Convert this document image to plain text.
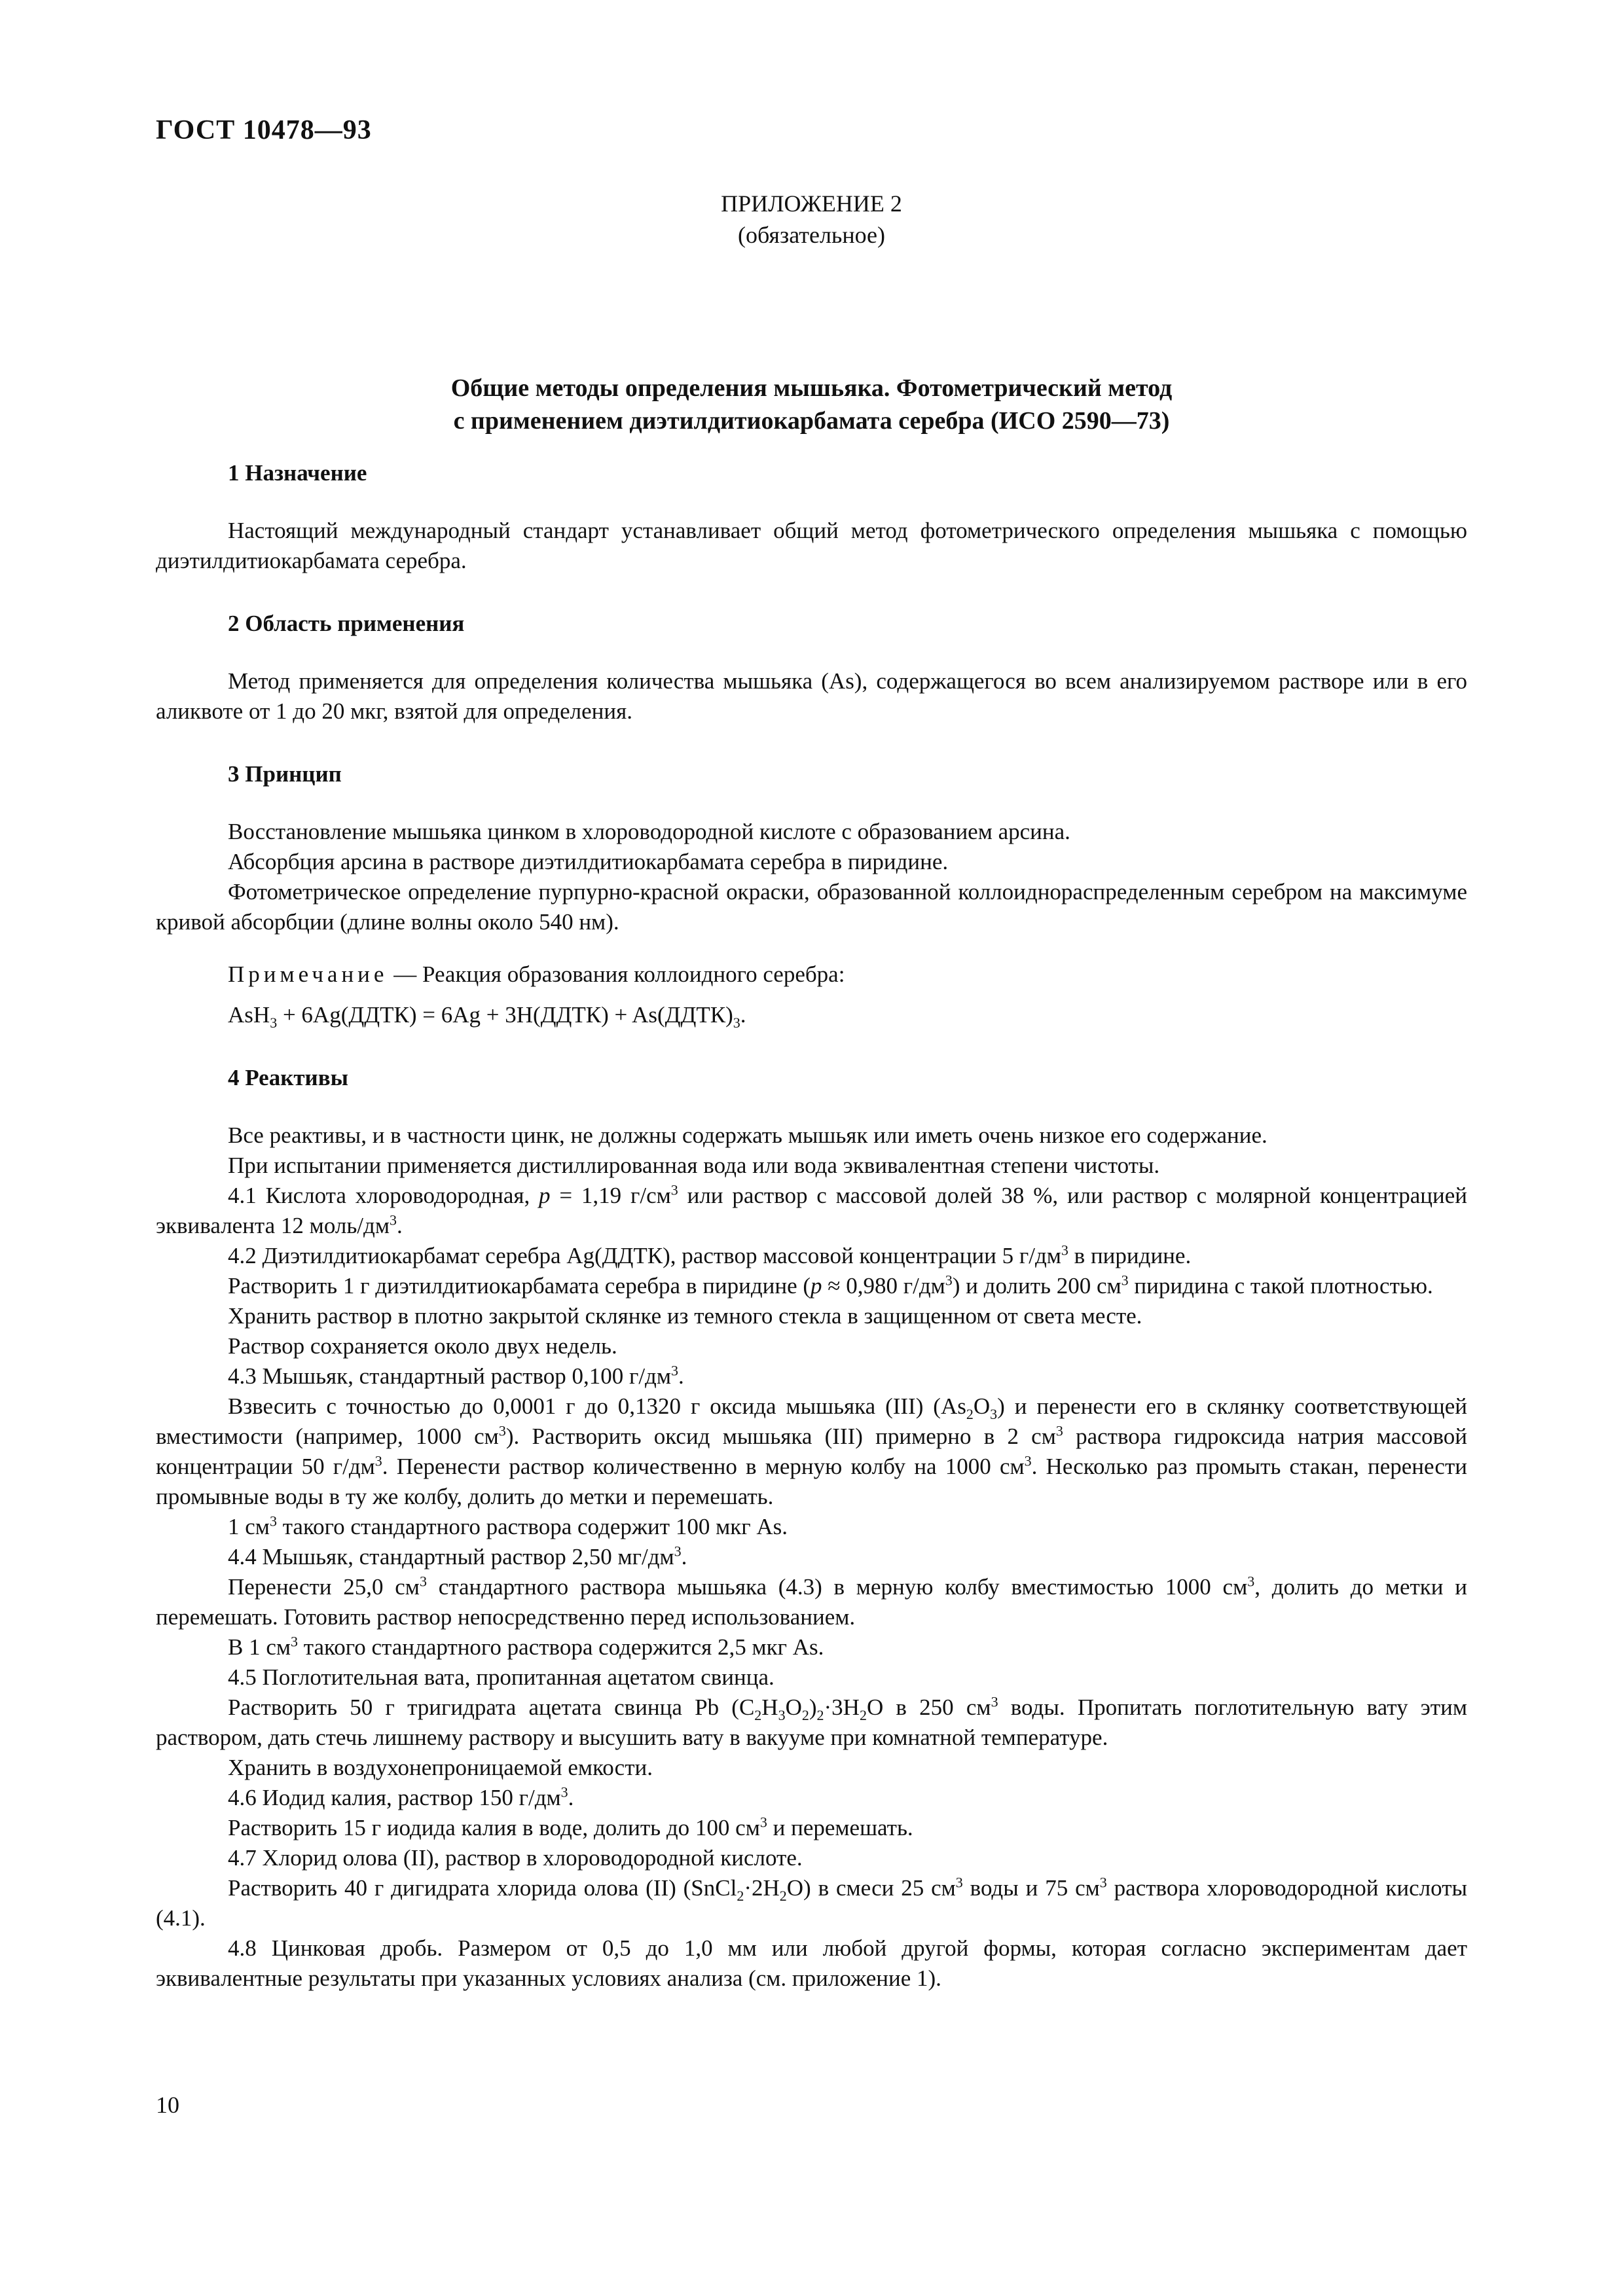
ГОСТ 10478—93
ПРИЛОЖЕНИЕ 2
(обязательное)
Общие методы определения мышьяка. Фотометрический метод
с применением диэтилдитиокарбамата серебра (ИСО 2590—73)

1 Назначение

Настоящий международный стандарт устанавливает общий метод фотометрического определения мышьяка с помощью диэтилдитиокарбамата серебра.

2 Область применения

Метод применяется для определения количества мышьяка (As), содержащегося во всем анализируемом растворе или в его аликвоте от 1 до 20 мкг, взятой для определения.

3 Принцип

Восстановление мышьяка цинком в хлороводородной кислоте с образованием арсина.

Абсорбция арсина в растворе диэтилдитиокарбамата серебра в пиридине.

Фотометрическое определение пурпурно-красной окраски, образованной коллоиднораспределенным серебром на максимуме кривой абсорбции (длине волны около 540 нм).

Примечание — Реакция образования коллоидного серебра:

AsH$_3$ + 6Ag(ДДТК) = 6Ag + 3H(ДДТК) + $As(ДДТК)_3$.

4 Реактивы

Все реактивы, и в частности цинк, не должны содержать мышьяк или иметь очень низкое его содержание.

При испытании применяется дистиллированная вода или вода эквивалентная степени чистоты.

4.1 Кислота хлороводородная, p = 1,19 $г/см^3$ или раствор с массовой долей 38 %, или раствор с молярной концентрацией эквивалента 12 моль/$дм^3$.

4.2 Диэтилдитиокарбамат серебра Ag(ДДТК), раствор массовой концентрации 5 $г/дм^3$ в пиридине.

Растворить 1 г диэтилдитиокарбамата серебра в пиридине (p ≈ 0,980 $г/дм^3$) и долить 200 $см^3$ пиридина с такой плотностью.

Хранить раствор в плотно закрытой склянке из темного стекла в защищенном от света месте.

Раствор сохраняется около двух недель.

4.3 Мышьяк, стандартный раствор 0,100 $г/дм^3$.

Взвесить с точностью до 0,0001 г до 0,1320 г оксида мышьяка (III) $(As_2O_3)$ и перенести его в склянку соответствующей вместимости (например, 1000 $см^3$). Растворить оксид мышьяка (III) примерно в 2 $см^3$ раствора гидроксида натрия массовой концентрации 50 $г/дм^3$. Перенести раствор количественно в мерную колбу на 1000 $см^3$. Несколько раз промыть стакан, перенести промывные воды в ту же колбу, долить до метки и перемешать.

1 $см^3$ такого стандартного раствора содержит 100 мкг As.

4.4 Мышьяк, стандартный раствор 2,50 $мг/дм^3$.

Перенести 25,0 $см^3$ стандартного раствора мышьяка (4.3) в мерную колбу вместимостью 1000 $см^3$, долить до метки и перемешать. Готовить раствор непосредственно перед использованием.

В 1 $см^3$ такого стандартного раствора содержится 2,5 мкг As.

4.5 Поглотительная вата, пропитанная ацетатом свинца.

Растворить 50 г тригидрата ацетата свинца Pb $(C_2H_3O_2)_2\cdot 3H_2O$ в 250 $см^3$ воды. Пропитать поглотительную вату этим раствором, дать стечь лишнему раствору и высушить вату в вакууме при комнатной температуре.

Хранить в воздухонепроницаемой емкости.

4.6 Иодид калия, раствор 150 $г/дм^3$.

Растворить 15 г иодида калия в воде, долить до 100 $см^3$ и перемешать.

4.7 Хлорид олова (II), раствор в хлороводородной кислоте.

Растворить 40 г дигидрата хлорида олова (II) $(SnCl_2\cdot 2H_2O)$ в смеси 25 $см^3$ воды и 75 $см^3$ раствора хлороводородной кислоты (4.1).

4.8 Цинковая дробь. Размером от 0,5 до 1,0 мм или любой другой формы, которая согласно экспериментам дает эквивалентные результаты при указанных условиях анализа (см. приложение 1).

10
